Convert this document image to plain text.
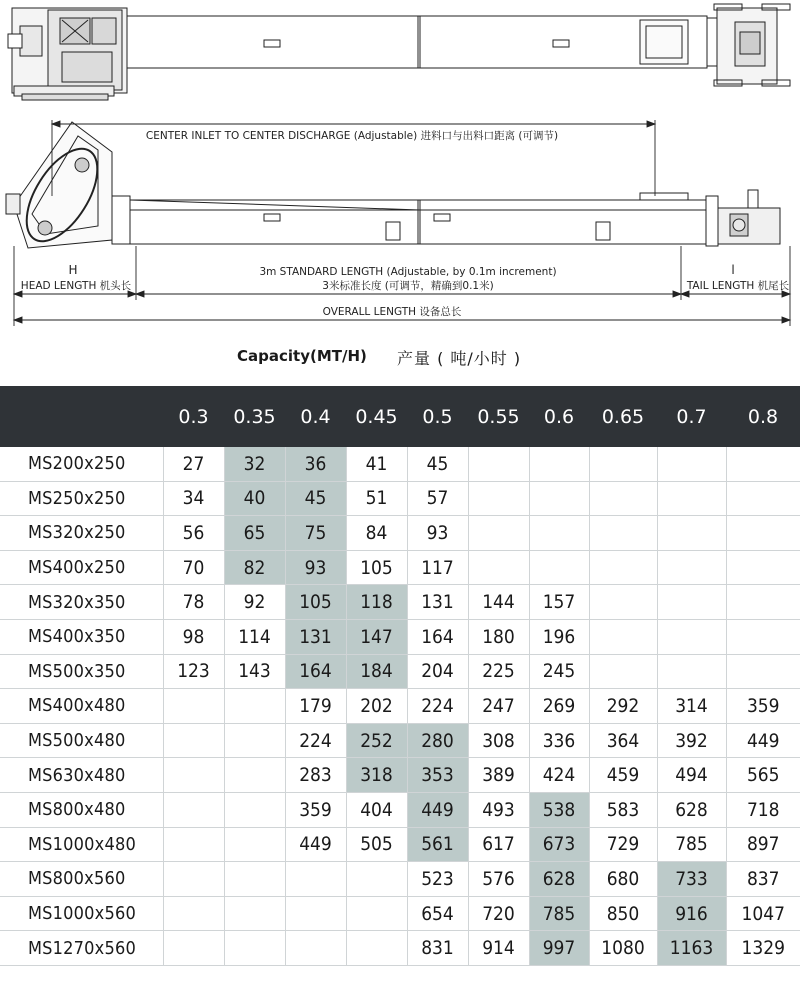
CENTER INLET TO CENTER DISCHARGE (Adjustable) 进料口与出料口距离 (可调节)
H
HEAD LENGTH 机头长
3m STANDARD LENGTH (Adjustable, by 0.1m increment)
3米标准长度 (可调节，精确到0.1米)
l
TAIL LENGTH 机尾长
OVERALL LENGTH 设备总长
Capacity(MT/H) 产量 ( 吨/小时 )
	0.3	0.35	0.4	0.45	0.5	0.55	0.6	0.65	0.7	0.8
MS200x250	27	32	36	41	45					
MS250x250	34	40	45	51	57					
MS320x250	56	65	75	84	93					
MS400x250	70	82	93	105	117					
MS320x350	78	92	105	118	131	144	157			
MS400x350	98	114	131	147	164	180	196			
MS500x350	123	143	164	184	204	225	245			
MS400x480			179	202	224	247	269	292	314	359
MS500x480			224	252	280	308	336	364	392	449
MS630x480			283	318	353	389	424	459	494	565
MS800x480			359	404	449	493	538	583	628	718
MS1000x480			449	505	561	617	673	729	785	897
MS800x560					523	576	628	680	733	837
MS1000x560					654	720	785	850	916	1047
MS1270x560					831	914	997	1080	1163	1329
